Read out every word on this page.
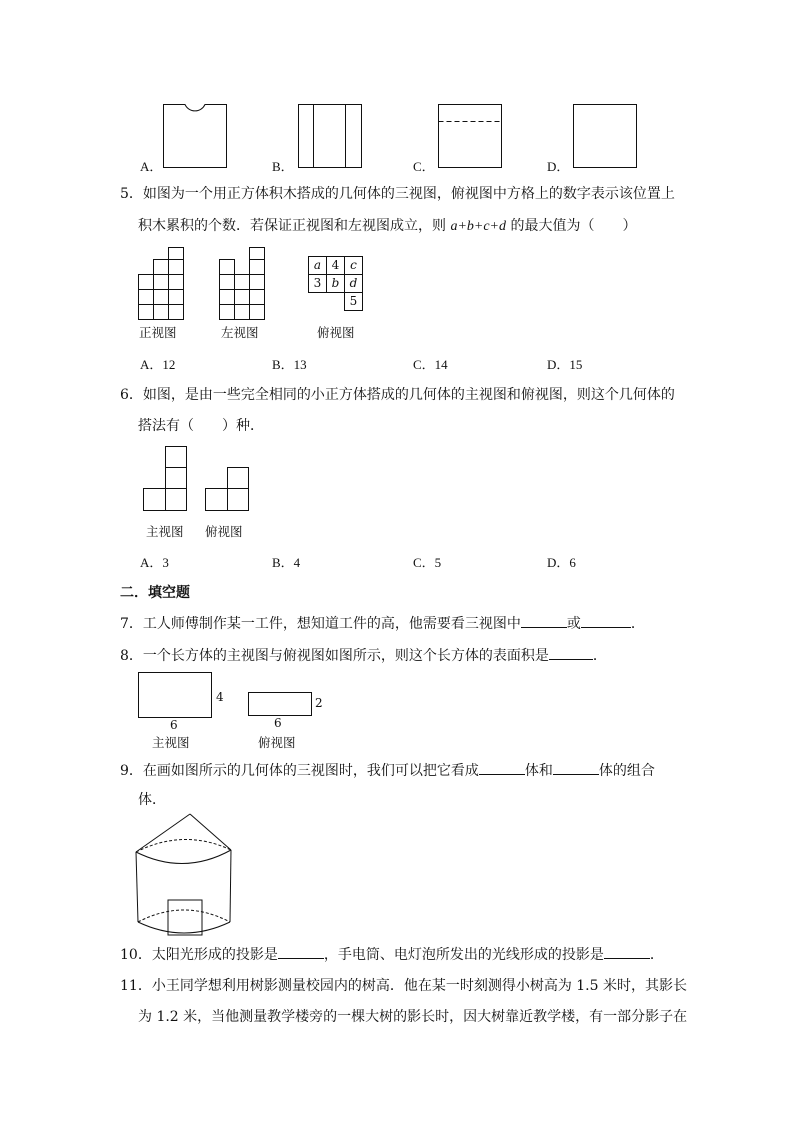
A．	B．	C．	D．
5．如图为一个用正方体积木搭成的几何体的三视图，俯视图中方格上的数字表示该位置上
积木累积的个数．若保证正视图和左视图成立，则 a+b+c+d 的最大值为（　　）
正视图	左视图
a 4 c
3 b d
5
俯视图
A．12	B．13	C．14	D．15
6．如图，是由一些完全相同的小正方体搭成的几何体的主视图和俯视图，则这个几何体的
搭法有（　　）种．
主视图 俯视图
A．3	B．4	C．5	D．6
二．填空题
7．工人师傅制作某一工件，想知道工件的高，他需要看三视图中	或	．
8．一个长方体的主视图与俯视图如图所示，则这个长方体的表面积是	．
4
6
主视图
2
6
俯视图
9．在画如图所示的几何体的三视图时，我们可以把它看成	体和	体的组合
体．
10．太阳光形成的投影是	，手电筒、电灯泡所发出的光线形成的投影是	．
11．小王同学想利用树影测量校园内的树高．他在某一时刻测得小树高为 1.5 米时，其影长
为 1.2 米，当他测量教学楼旁的一棵大树的影长时，因大树靠近教学楼，有一部分影子在
